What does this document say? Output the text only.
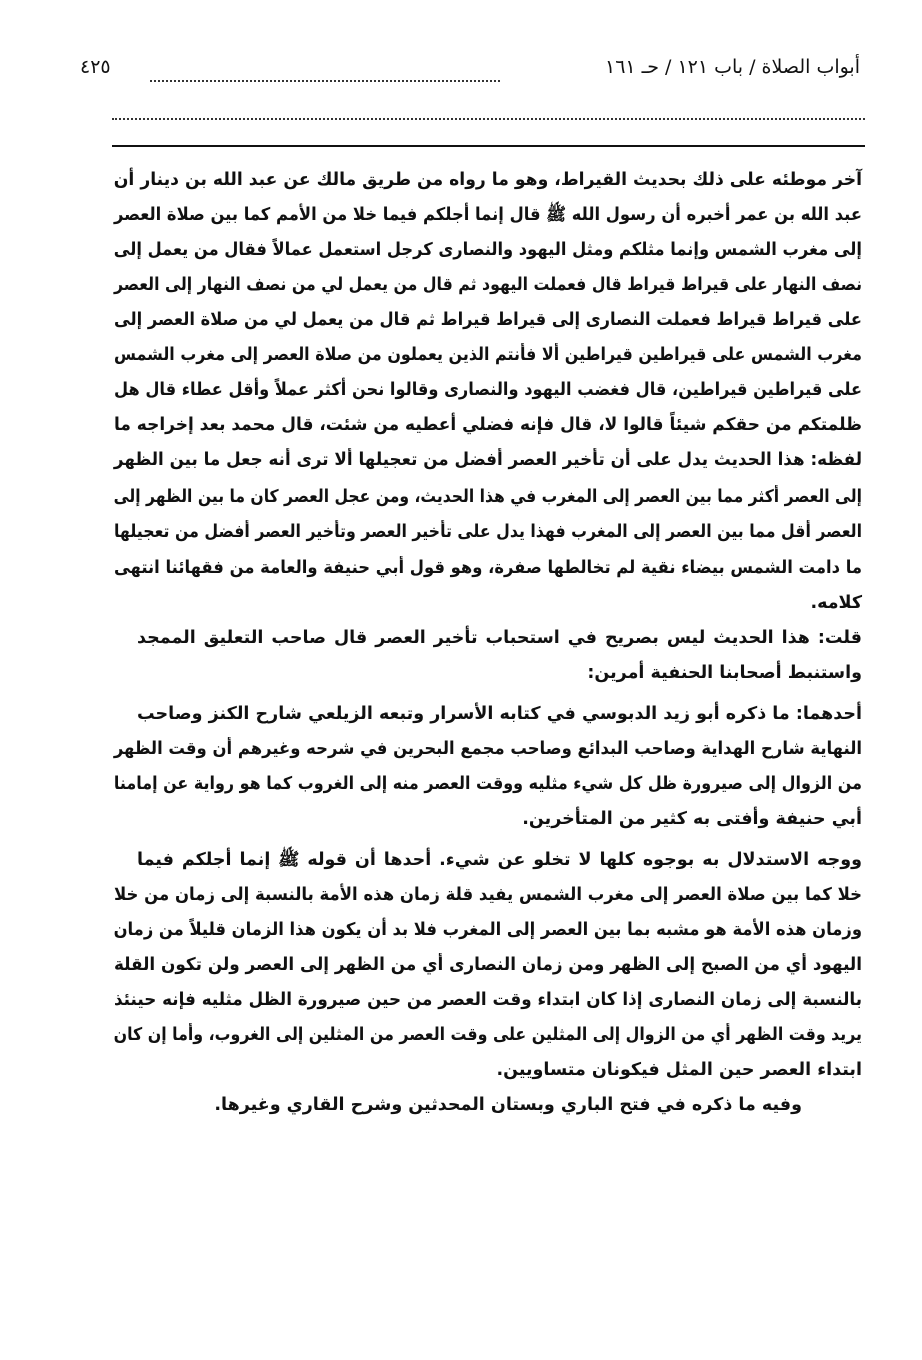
أبواب الصلاة / باب ١٢١ / حـ ١٦١
٤٢٥
آخر موطئه على ذلك بحديث القيراط، وهو ما رواه من طريق مالك عن عبد الله بن دينار أن
عبد الله بن عمر أخبره أن رسول الله ﷺ قال إنما أجلكم فيما خلا من الأمم كما بين صلاة العصر
إلى مغرب الشمس وإنما مثلكم ومثل اليهود والنصارى كرجل استعمل عمالاً فقال من يعمل إلى
نصف النهار على قيراط قيراط قال فعملت اليهود ثم قال من يعمل لي من نصف النهار إلى العصر
على قيراط قيراط فعملت النصارى إلى قيراط قيراط ثم قال من يعمل لي من صلاة العصر إلى
مغرب الشمس على قيراطين قيراطين ألا فأنتم الذين يعملون من صلاة العصر إلى مغرب الشمس
على قيراطين قيراطين، قال فغضب اليهود والنصارى وقالوا نحن أكثر عملاً وأقل عطاء قال هل
ظلمتكم من حقكم شيئاً قالوا لا، قال فإنه فضلي أعطيه من شئت، قال محمد بعد إخراجه ما
لفظه: هذا الحديث يدل على أن تأخير العصر أفضل من تعجيلها ألا ترى أنه جعل ما بين الظهر
إلى العصر أكثر مما بين العصر إلى المغرب في هذا الحديث، ومن عجل العصر كان ما بين الظهر إلى
العصر أقل مما بين العصر إلى المغرب فهذا يدل على تأخير العصر وتأخير العصر أفضل من تعجيلها
ما دامت الشمس بيضاء نقية لم تخالطها صفرة، وهو قول أبي حنيفة والعامة من فقهائنا انتهى
كلامه.
قلت: هذا الحديث ليس بصريح في استحباب تأخير العصر قال صاحب التعليق الممجد
واستنبط أصحابنا الحنفية أمرين:
أحدهما: ما ذكره أبو زيد الدبوسي في كتابه الأسرار وتبعه الزيلعي شارح الكنز وصاحب
النهاية شارح الهداية وصاحب البدائع وصاحب مجمع البحرين في شرحه وغيرهم أن وقت الظهر
من الزوال إلى صيرورة ظل كل شيء مثليه ووقت العصر منه إلى الغروب كما هو رواية عن إمامنا
أبي حنيفة وأفتى به كثير من المتأخرين.
ووجه الاستدلال به بوجوه كلها لا تخلو عن شيء. أحدها أن قوله ﷺ إنما أجلكم فيما
خلا كما بين صلاة العصر إلى مغرب الشمس يفيد قلة زمان هذه الأمة بالنسبة إلى زمان من خلا
وزمان هذه الأمة هو مشبه بما بين العصر إلى المغرب فلا بد أن يكون هذا الزمان قليلاً من زمان
اليهود أي من الصبح إلى الظهر ومن زمان النصارى أي من الظهر إلى العصر ولن تكون القلة
بالنسبة إلى زمان النصارى إذا كان ابتداء وقت العصر من حين صيرورة الظل مثليه فإنه حينئذ
يريد وقت الظهر أي من الزوال إلى المثلين على وقت العصر من المثلين إلى الغروب، وأما إن كان
ابتداء العصر حين المثل فيكونان متساويين.
وفيه ما ذكره في فتح الباري وبستان المحدثين وشرح القاري وغيرها.
